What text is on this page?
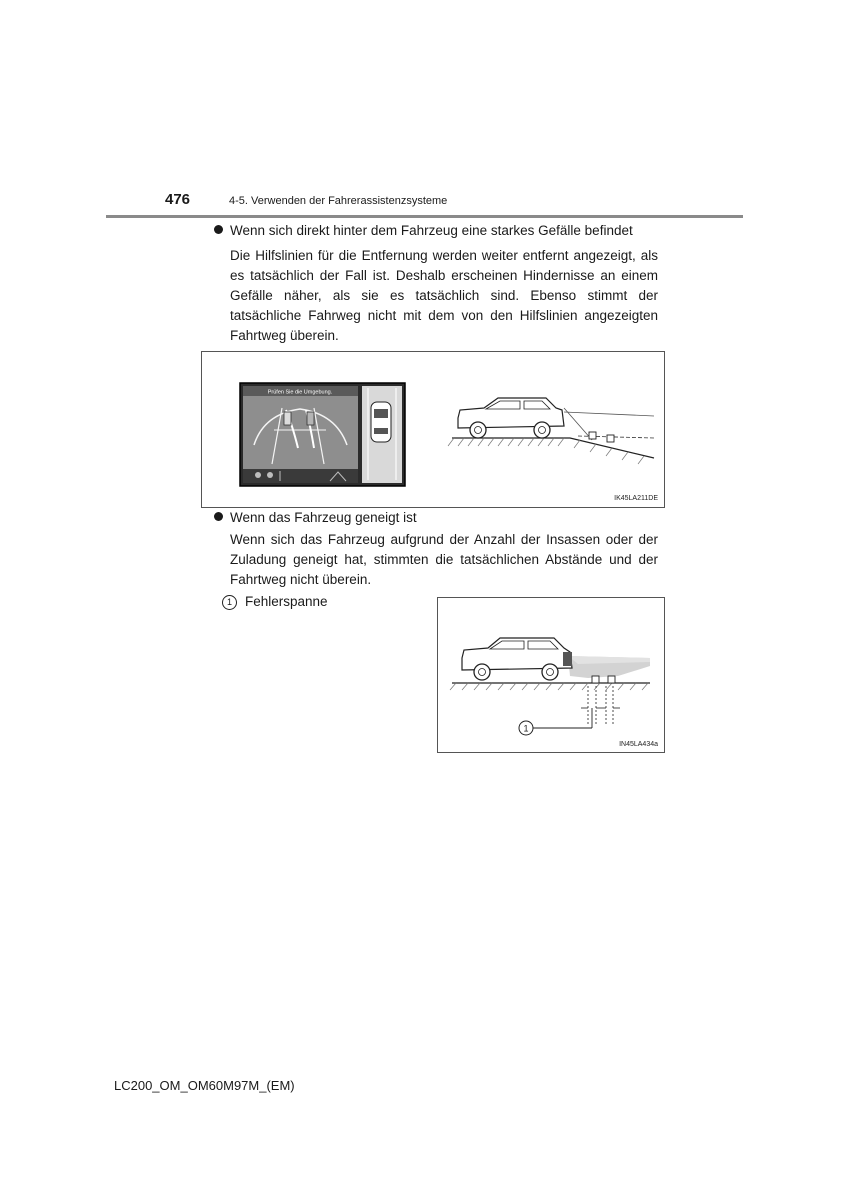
476	4-5. Verwenden der Fahrerassistenzsysteme
Wenn sich direkt hinter dem Fahrzeug eine starkes Gefälle befindet
Die Hilfslinien für die Entfernung werden weiter entfernt angezeigt, als es tatsächlich der Fall ist. Deshalb erscheinen Hindernisse an einem Gefälle näher, als sie es tatsächlich sind. Ebenso stimmt der tatsächliche Fahrweg nicht mit dem von den Hilfslinien angezeigten Fahrtweg überein.
Prüfen Sie die Umgebung.
IK45LA211DE
Wenn das Fahrzeug geneigt ist
Wenn sich das Fahrzeug aufgrund der Anzahl der Insassen oder der Zuladung geneigt hat, stimmten die tatsächlichen Abstände und der Fahrtweg nicht überein.
1 Fehlerspanne
1
IN45LA434a
LC200_OM_OM60M97M_(EM)
